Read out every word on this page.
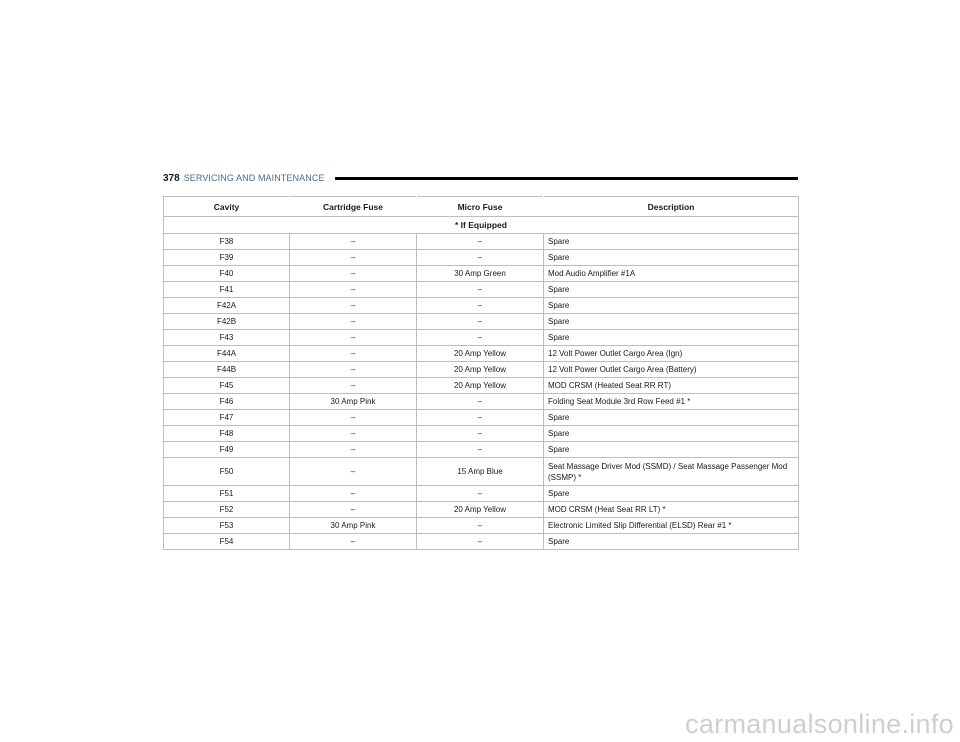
378 SERVICING AND MAINTENANCE
Cavity	Cartridge Fuse	Micro Fuse	Description
* If Equipped			
F38	–	–	Spare
F39	–	–	Spare
F40	–	30 Amp Green	Mod Audio Amplifier #1A
F41	–	–	Spare
F42A	–	–	Spare
F42B	–	–	Spare
F43	–	–	Spare
F44A	–	20 Amp Yellow	12 Volt Power Outlet Cargo Area (Ign)
F44B	–	20 Amp Yellow	12 Volt Power Outlet Cargo Area (Battery)
F45	–	20 Amp Yellow	MOD CRSM (Heated Seat RR RT)
F46	30 Amp Pink	–	Folding Seat Module 3rd Row Feed #1 *
F47	–	–	Spare
F48	–	–	Spare
F49	–	–	Spare
F50	–	15 Amp Blue	Seat Massage Driver Mod (SSMD) / Seat Massage Passenger Mod (SSMP) *
F51	–	–	Spare
F52	–	20 Amp Yellow	MOD CRSM (Heat Seat RR LT) *
F53	30 Amp Pink	–	Electronic Limited Slip Differential (ELSD) Rear #1 *
F54	–	–	Spare
carmanualsonline.info
